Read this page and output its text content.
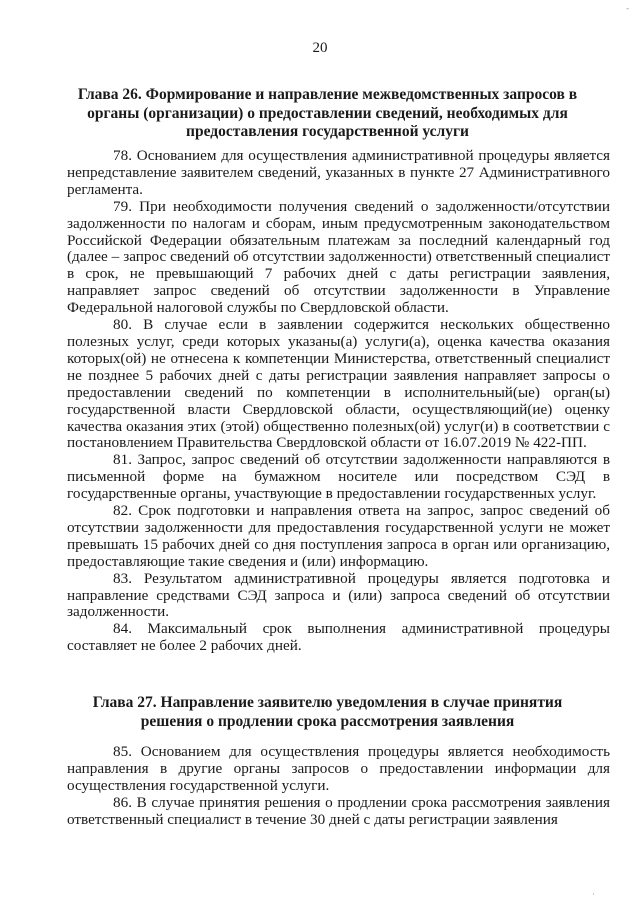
20
Глава 26. Формирование и направление межведомственных запросов в органы (организации) о предоставлении сведений, необходимых для предоставления государственной услуги

78. Основанием для осуществления административной процедуры является непредставление заявителем сведений, указанных в пункте 27 Административного регламента.

79. При необходимости получения сведений о задолженности/отсутствии задолженности по налогам и сборам, иным предусмотренным законодательством Российской Федерации обязательным платежам за последний календарный год (далее – запрос сведений об отсутствии задолженности) ответственный специалист в срок, не превышающий 7 рабочих дней с даты регистрации заявления, направляет запрос сведений об отсутствии задолженности в Управление Федеральной налоговой службы по Свердловской области.

80. В случае если в заявлении содержится нескольких общественно полезных услуг, среди которых указаны(а) услуги(а), оценка качества оказания которых(ой) не отнесена к компетенции Министерства, ответственный специалист не позднее 5 рабочих дней с даты регистрации заявления направляет запросы о предоставлении сведений по компетенции в исполнительный(ые) орган(ы) государственной власти Свердловской области, осуществляющий(ие) оценку качества оказания этих (этой) общественно полезных(ой) услуг(и) в соответствии с постановлением Правительства Свердловской области от 16.07.2019 № 422-ПП.

81. Запрос, запрос сведений об отсутствии задолженности направляются в письменной форме на бумажном носителе или посредством СЭД в государственные органы, участвующие в предоставлении государственных услуг.

82. Срок подготовки и направления ответа на запрос, запрос сведений об отсутствии задолженности для предоставления государственной услуги не может превышать 15 рабочих дней со дня поступления запроса в орган или организацию, предоставляющие такие сведения и (или) информацию.

83. Результатом административной процедуры является подготовка и направление средствами СЭД запроса и (или) запроса сведений об отсутствии задолженности.

84. Максимальный срок выполнения административной процедуры составляет не более 2 рабочих дней.

Глава 27. Направление заявителю уведомления в случае принятия решения о продлении срока рассмотрения заявления

85. Основанием для осуществления процедуры является необходимость направления в другие органы запросов о предоставлении информации для осуществления государственной услуги.

86. В случае принятия решения о продлении срока рассмотрения заявления ответственный специалист в течение 30 дней с даты регистрации заявления

-
·
